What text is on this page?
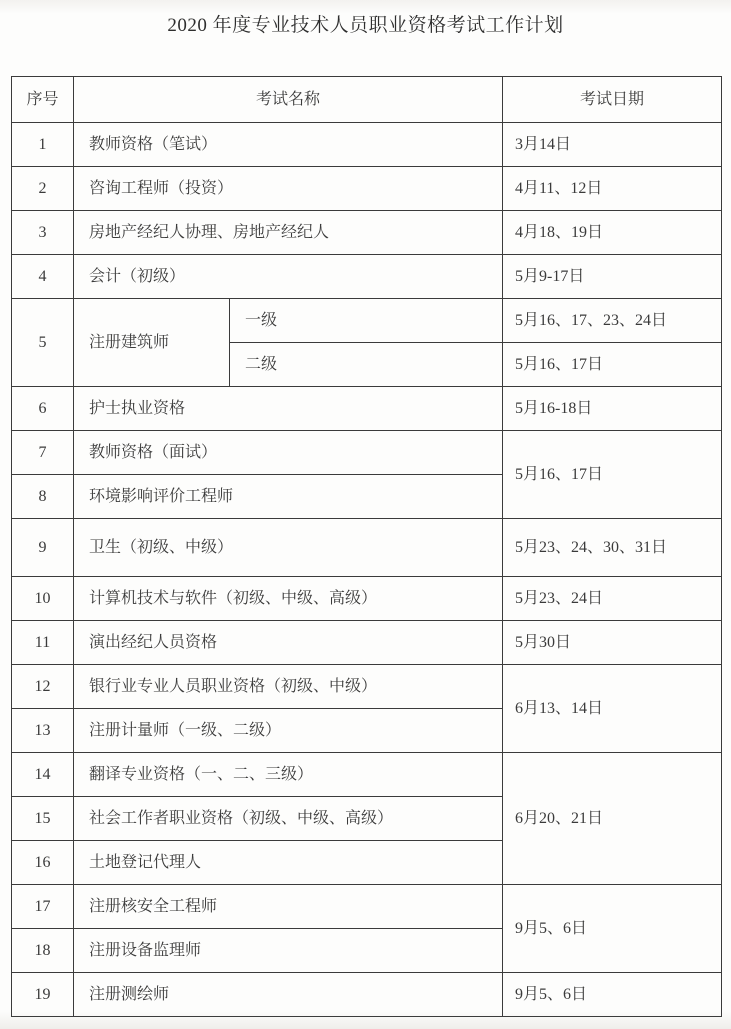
2020 年度专业技术人员职业资格考试工作计划
序号	考试名称		考试日期
1	教师资格（笔试）		3月14日
2	咨询工程师（投资）		4月11、12日
3	房地产经纪人协理、房地产经纪人		4月18、19日
4	会计（初级）		5月9-17日
5	注册建筑师	一级	5月16、17、23、24日
		二级	5月16、17日
6	护士执业资格		5月16-18日
7	教师资格（面试）		5月16、17日
8	环境影响评价工程师		
9	卫生（初级、中级）		5月23、24、30、31日
10	计算机技术与软件（初级、中级、高级）		5月23、24日
11	演出经纪人员资格		5月30日
12	银行业专业人员职业资格（初级、中级）		6月13、14日
13	注册计量师（一级、二级）		
14	翻译专业资格（一、二、三级）		6月20、21日
15	社会工作者职业资格（初级、中级、高级）		
16	土地登记代理人		
17	注册核安全工程师		9月5、6日
18	注册设备监理师		
19	注册测绘师		9月5、6日
